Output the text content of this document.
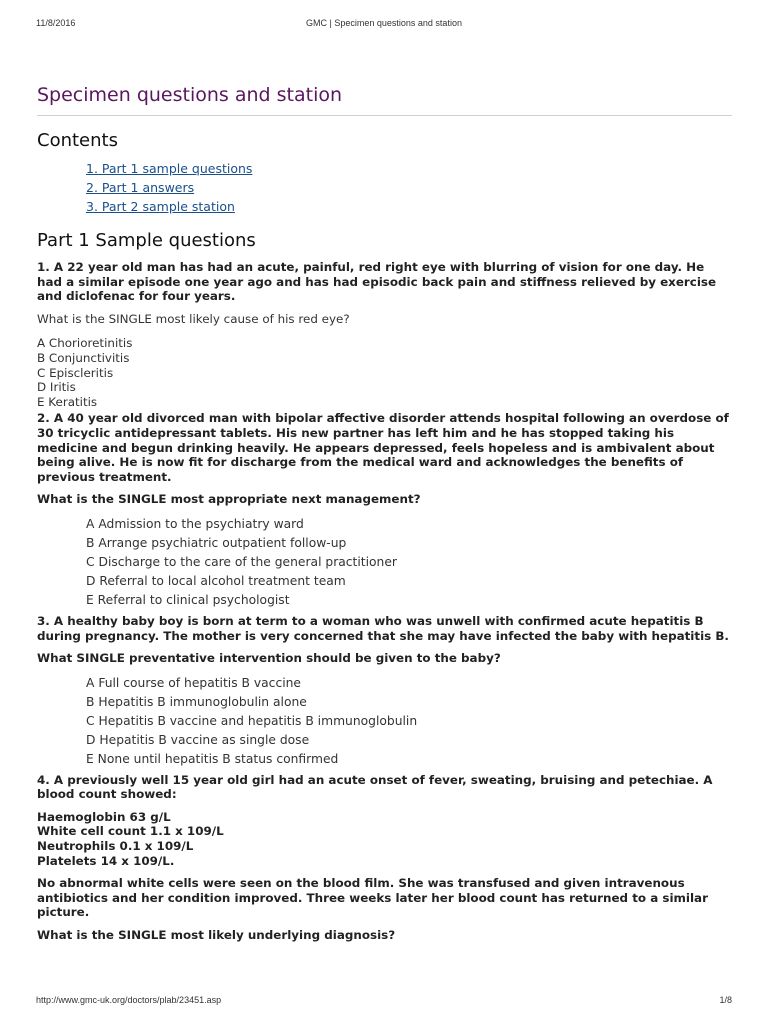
11/8/2016	GMC | Specimen questions and station
Specimen questions and station
Contents
1. Part 1 sample questions
2. Part 1 answers
3. Part 2 sample station
Part 1 Sample questions

1. A 22 year old man has had an acute, painful, red right eye with blurring of vision for one day. He had a similar episode one year ago and has had episodic back pain and stiffness relieved by exercise and diclofenac for four years.

What is the SINGLE most likely cause of his red eye?

A Chorioretinitis
B Conjunctivitis
C Episcleritis
D Iritis
E Keratitis

2. A 40 year old divorced man with bipolar affective disorder attends hospital following an overdose of 30 tricyclic antidepressant tablets. His new partner has left him and he has stopped taking his medicine and begun drinking heavily. He appears depressed, feels hopeless and is ambivalent about being alive. He is now fit for discharge from the medical ward and acknowledges the benefits of previous treatment.

What is the SINGLE most appropriate next management?

A Admission to the psychiatry ward
B Arrange psychiatric outpatient follow-up
C Discharge to the care of the general practitioner
D Referral to local alcohol treatment team
E Referral to clinical psychologist

3. A healthy baby boy is born at term to a woman who was unwell with confirmed acute hepatitis B during pregnancy. The mother is very concerned that she may have infected the baby with hepatitis B.

What SINGLE preventative intervention should be given to the baby?

A Full course of hepatitis B vaccine
B Hepatitis B immunoglobulin alone
C Hepatitis B vaccine and hepatitis B immunoglobulin
D Hepatitis B vaccine as single dose
E None until hepatitis B status confirmed

4. A previously well 15 year old girl had an acute onset of fever, sweating, bruising and petechiae. A blood count showed:

Haemoglobin 63 g/L
White cell count 1.1 x 109/L
Neutrophils 0.1 x 109/L
Platelets 14 x 109/L.

No abnormal white cells were seen on the blood film. She was transfused and given intravenous antibiotics and her condition improved. Three weeks later her blood count has returned to a similar picture.

What is the SINGLE most likely underlying diagnosis?

http://www.gmc-uk.org/doctors/plab/23451.asp	1/8
